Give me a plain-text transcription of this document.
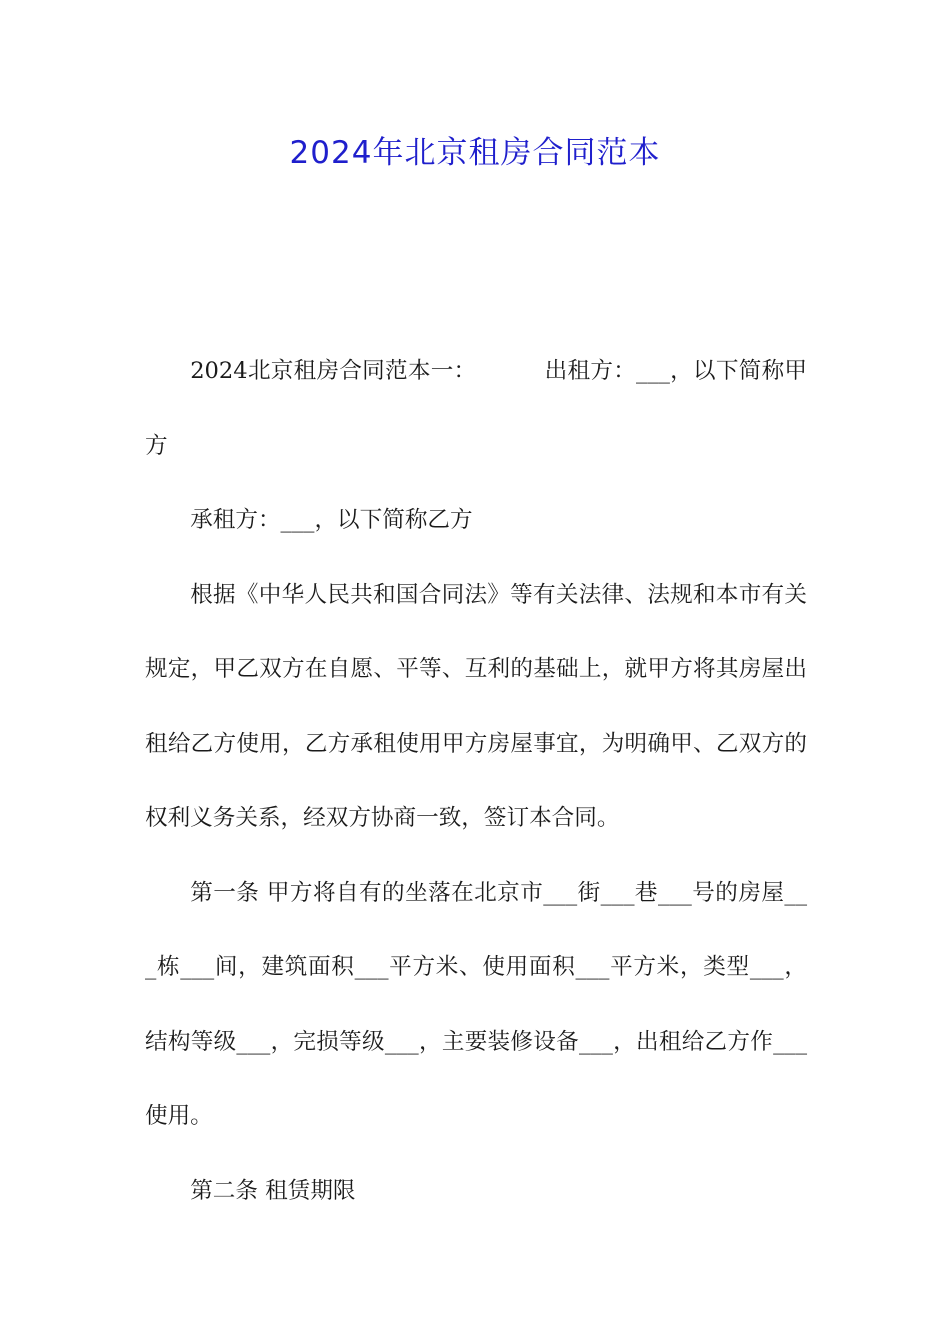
2024年北京租房合同范本

2024北京租房合同范本一：	出租方：___，以下简称甲方

承租方：___，以下简称乙方

根据《中华人民共和国合同法》等有关法律、法规和本市有关规定，甲乙双方在自愿、平等、互利的基础上，就甲方将其房屋出租给乙方使用，乙方承租使用甲方房屋事宜，为明确甲、乙双方的权利义务关系，经双方协商一致，签订本合同。

第一条 甲方将自有的坐落在北京市___街___巷___号的房屋___栋___间，建筑面积___平方米、使用面积___平方米，类型___，结构等级___，完损等级___，主要装修设备___，出租给乙方作___使用。

第二条 租赁期限
